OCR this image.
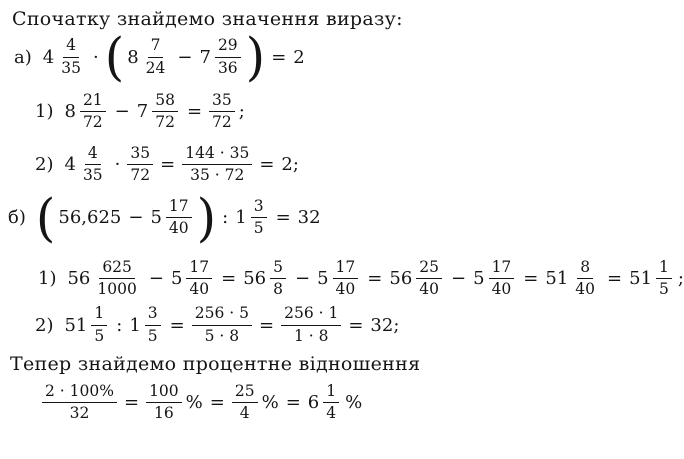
Спочатку знайдемо значення виразу:
а) $4 \frac{4}{35}$ · ( $8 \frac{7}{24} - 7 \frac{29}{36}$ ) = 2
1) $8 \frac{21}{72} - 7 \frac{58}{72} = \frac{35}{72}$ ;
2) $4 \frac{4}{35} \cdot \frac{35}{72} = \frac{144 \cdot 35}{35 \cdot 72} = 2$;
б) ( $56,625 - 5 \frac{17}{40}$ ) : $1 \frac{3}{5} = 32$
1) $56 \frac{625}{1000} - 5 \frac{17}{40} = 56 \frac{5}{8} - 5 \frac{17}{40} = 56 \frac{25}{40} - 5 \frac{17}{40} = 51 \frac{8}{40} = 51 \frac{1}{5}$ ;
2) $51 \frac{1}{5}$ : $1 \frac{3}{5} = \frac{256 \cdot 5}{5 \cdot 8} = \frac{256 \cdot 1}{1 \cdot 8} = 32$;
Тепер знайдемо процентне відношення
$\frac{2 \cdot 100\%}{32} = \frac{100}{16}$ % = $\frac{25}{4}$ % = $6 \frac{1}{4}$ %
